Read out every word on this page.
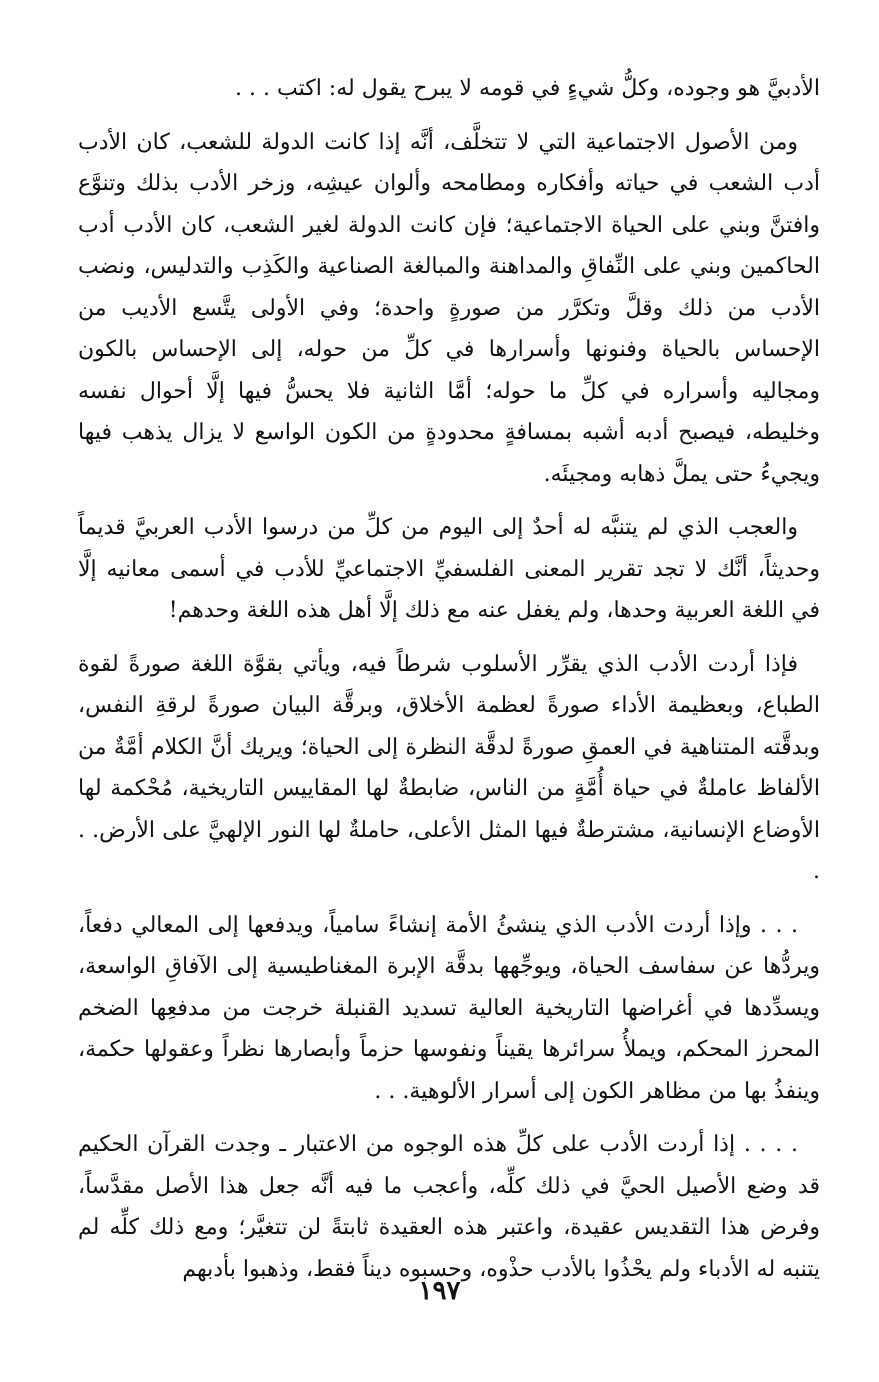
الأدبيَّ هو وجوده، وكلُّ شيءٍ في قومه لا يبرح يقول له: اكتب . . .

ومن الأصول الاجتماعية التي لا تتخلَّف، أنَّه إذا كانت الدولة للشعب، كان الأدب أدب الشعب في حياته وأفكاره ومطامحه وألوان عيشِه، وزخر الأدب بذلك وتنوَّع وافتنَّ وبني على الحياة الاجتماعية؛ فإن كانت الدولة لغير الشعب، كان الأدب أدب الحاكمين وبني على النِّفاقِ والمداهنة والمبالغة الصناعية والكَذِب والتدليس، ونضب الأدب من ذلك وقلَّ وتكرَّر من صورةٍ واحدة؛ وفي الأولى يتَّسع الأديب من الإحساس بالحياة وفنونها وأسرارها في كلِّ من حوله، إلى الإحساس بالكون ومجاليه وأسراره في كلِّ ما حوله؛ أمَّا الثانية فلا يحسُّ فيها إلَّا أحوال نفسه وخليطه، فيصبح أدبه أشبه بمسافةٍ محدودةٍ من الكون الواسع لا يزال يذهب فيها ويجيءُ حتى يملَّ ذهابه ومجيئَه.

والعجب الذي لم يتنبَّه له أحدٌ إلى اليوم من كلِّ من درسوا الأدب العربيَّ قديماً وحديثاً، أنَّك لا تجد تقرير المعنى الفلسفيِّ الاجتماعيِّ للأدب في أسمى معانيه إلَّا في اللغة العربية وحدها، ولم يغفل عنه مع ذلك إلَّا أهل هذه اللغة وحدهم!

فإذا أردت الأدب الذي يقرِّر الأسلوب شرطاً فيه، ويأتي بقوَّة اللغة صورةً لقوة الطباع، وبعظيمة الأداء صورةً لعظمة الأخلاق، وبرقَّة البيان صورةً لرقةِ النفس، وبدقَّته المتناهية في العمقِ صورةً لدقَّة النظرة إلى الحياة؛ ويريك أنَّ الكلام أمَّةٌ من الألفاظ عاملةٌ في حياة أُمَّةٍ من الناس، ضابطةٌ لها المقاييس التاريخية، مُحْكمة لها الأوضاع الإنسانية، مشترطةٌ فيها المثل الأعلى، حاملةٌ لها النور الإلهيَّ على الأرض. . .

. . . وإذا أردت الأدب الذي ينشئُ الأمة إنشاءً سامياً، ويدفعها إلى المعالي دفعاً، ويردُّها عن سفاسف الحياة، ويوجِّهها بدقَّة الإبرة المغناطيسية إلى الآفاقِ الواسعة، ويسدِّدها في أغراضها التاريخية العالية تسديد القنبلة خرجت من مدفعِها الضخم المحرز المحكم، ويملأُ سرائرها يقيناً ونفوسها حزماً وأبصارها نظراً وعقولها حكمة، وينفذُ بها من مظاهر الكون إلى أسرار الألوهية. . .

. . . . إذا أردت الأدب على كلِّ هذه الوجوه من الاعتبار ـ وجدت القرآن الحكيم قد وضع الأصيل الحيَّ في ذلك كلِّه، وأعجب ما فيه أنَّه جعل هذا الأصل مقدَّساً، وفرض هذا التقديس عقيدة، واعتبر هذه العقيدة ثابتةً لن تتغيَّر؛ ومع ذلك كلِّه لم يتنبه له الأدباء ولم يحْذُوا بالأدب حذْوه، وحسبوه ديناً فقط، وذهبوا بأدبهم

١٩٧
